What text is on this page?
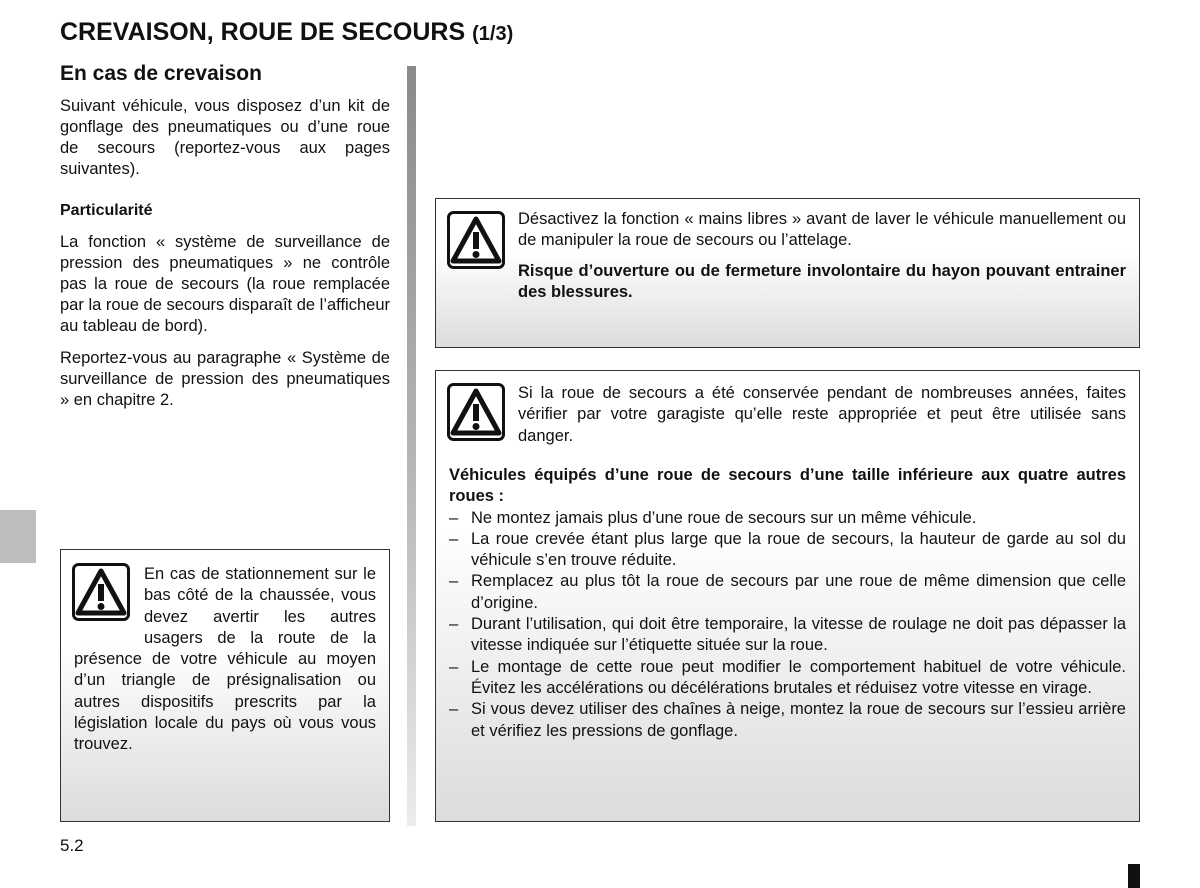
CREVAISON, ROUE DE SECOURS (1/3)
En cas de crevaison

Suivant véhicule, vous disposez d’un kit de gonflage des pneumatiques ou d’une roue de secours (reportez-vous aux pages suivantes).

Particularité

La fonction « système de surveillance de pression des pneumatiques » ne contrôle pas la roue de secours (la roue remplacée par la roue de secours disparaît de l’afficheur au tableau de bord).

Reportez-vous au paragraphe « Système de surveillance de pression des pneumatiques » en chapitre 2.

En cas de stationnement sur le bas côté de la chaussée, vous devez avertir les autres usagers de la route de la présence de votre véhicule au moyen d’un triangle de présignalisation ou autres dispositifs prescrits par la législation locale du pays où vous vous trouvez.

Désactivez la fonction « mains libres » avant de laver le véhicule manuellement ou de manipuler la roue de secours ou l’attelage.

Risque d’ouverture ou de fermeture involontaire du hayon pouvant entrainer des blessures.

Si la roue de secours a été conservée pendant de nombreuses années, faites vérifier par votre garagiste qu’elle reste appropriée et peut être utilisée sans danger.

Véhicules équipés d’une roue de secours d’une taille inférieure aux quatre autres roues :

– Ne montez jamais plus d’une roue de secours sur un même véhicule.
– La roue crevée étant plus large que la roue de secours, la hauteur de garde au sol du véhicule s’en trouve réduite.
– Remplacez au plus tôt la roue de secours par une roue de même dimension que celle d’origine.
– Durant l’utilisation, qui doit être temporaire, la vitesse de roulage ne doit pas dépasser la vitesse indiquée sur l’étiquette située sur la roue.
– Le montage de cette roue peut modifier le comportement habituel de votre véhicule. Évitez les accélérations ou décélérations brutales et réduisez votre vitesse en virage.
– Si vous devez utiliser des chaînes à neige, montez la roue de secours sur l’essieu arrière et vérifiez les pressions de gonflage.
5.2
